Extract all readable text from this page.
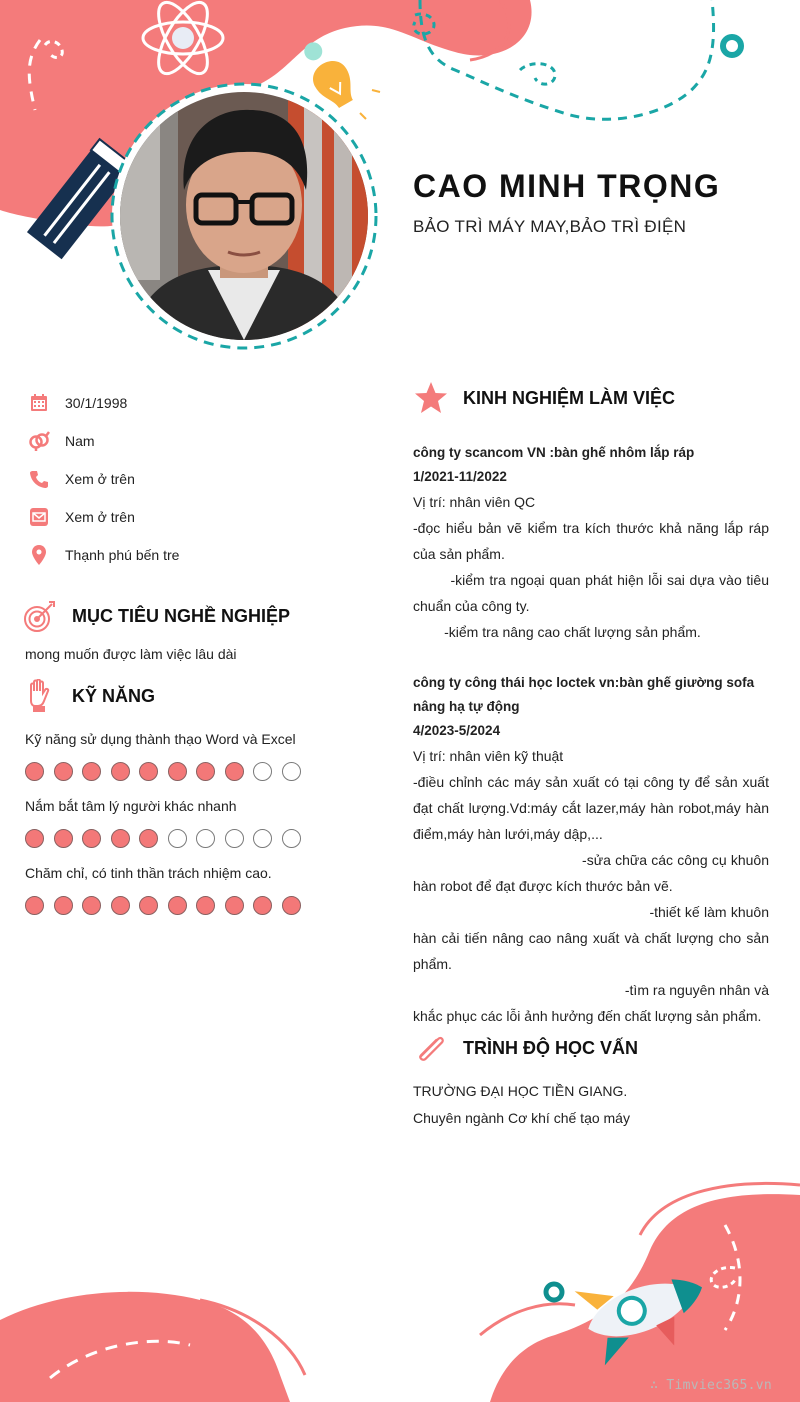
CAO MINH TRỌNG
BẢO TRÌ MÁY MAY,BẢO TRÌ ĐIỆN
30/1/1998
Nam
Xem ở trên
Xem ở trên
Thạnh phú bến tre
MỤC TIÊU NGHỀ NGHIỆP
mong muốn được làm việc lâu dài
KỸ NĂNG
Kỹ năng sử dụng thành thạo Word và Excel
Nắm bắt tâm lý người khác nhanh
Chăm chỉ, có tinh thần trách nhiệm cao.
KINH NGHIỆM LÀM VIỆC
công ty scancom VN :bàn ghế nhôm lắp ráp
1/2021-11/2022

Vị trí: nhân viên QC

-đọc hiểu bản vẽ kiểm tra kích thước khả năng lắp ráp của sản phẩm.

-kiểm tra ngoại quan phát hiện lỗi sai dựa vào tiêu chuẩn của công ty.

-kiểm tra nâng cao chất lượng sản phẩm.

công ty công thái học loctek vn:bàn ghế giường sofa nâng hạ tự động
4/2023-5/2024

Vị trí: nhân viên kỹ thuật

-điều chỉnh các máy sản xuất có tại công ty để sản xuất đạt chất lượng.Vd:máy cắt lazer,máy hàn robot,máy hàn điểm,máy hàn lưới,máy dập,...

-sửa chữa các công cụ khuôn hàn robot để đạt được kích thước bản vẽ.

-thiết kế làm khuôn hàn cải tiến nâng cao nâng xuất và chất lượng cho sản phẩm.

-tìm ra nguyên nhân và khắc phục các lỗi ảnh hưởng đến chất lượng sản phẩm.

TRÌNH ĐỘ HỌC VẤN
TRƯỜNG ĐẠI HỌC TIỀN GIANG.
Chuyên ngành Cơ khí chế tạo máy
∴ Timviec365.vn
